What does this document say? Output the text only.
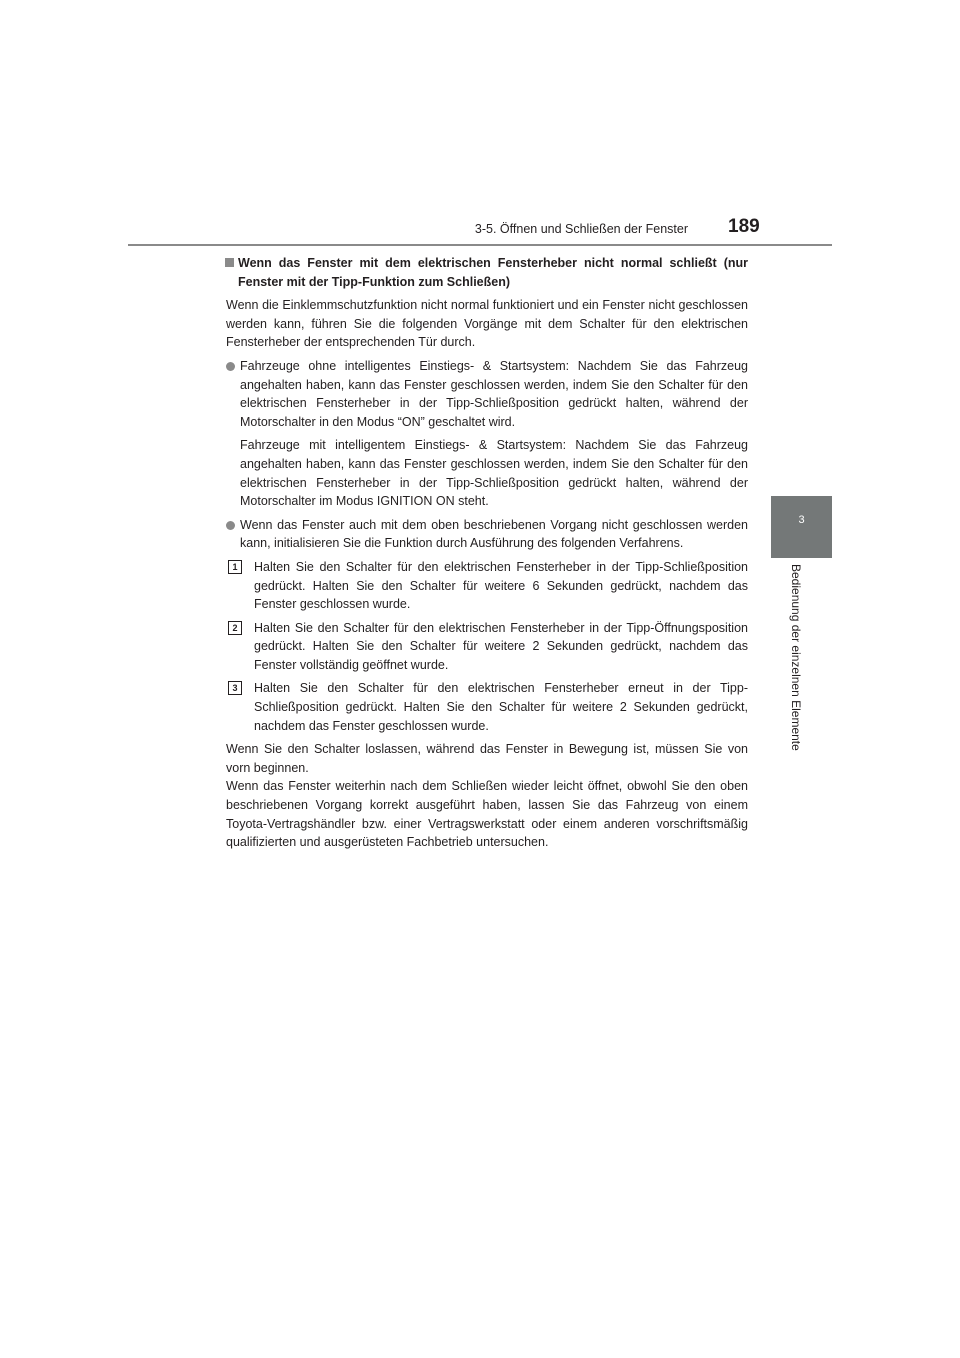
3-5. Öffnen und Schließen der Fenster 189
3
Bedienung der einzelnen Elemente

Wenn das Fenster mit dem elektrischen Fensterheber nicht normal schließt (nur Fenster mit der Tipp-Funktion zum Schließen)

Wenn die Einklemmschutzfunktion nicht normal funktioniert und ein Fenster nicht geschlossen werden kann, führen Sie die folgenden Vorgänge mit dem Schalter für den elektrischen Fensterheber der entsprechenden Tür durch.

Fahrzeuge ohne intelligentes Einstiegs- & Startsystem: Nachdem Sie das Fahrzeug angehalten haben, kann das Fenster geschlossen werden, indem Sie den Schalter für den elektrischen Fensterheber in der Tipp-Schließposition gedrückt halten, während der Motorschalter in den Modus “ON” geschaltet wird.

Fahrzeuge mit intelligentem Einstiegs- & Startsystem: Nachdem Sie das Fahrzeug angehalten haben, kann das Fenster geschlossen werden, indem Sie den Schalter für den elektrischen Fensterheber in der Tipp-Schließposition gedrückt halten, während der Motorschalter im Modus IGNITION ON steht.

Wenn das Fenster auch mit dem oben beschriebenen Vorgang nicht geschlossen werden kann, initialisieren Sie die Funktion durch Ausführung des folgenden Verfahrens.

1	Halten Sie den Schalter für den elektrischen Fensterheber in der Tipp-Schließposition gedrückt. Halten Sie den Schalter für weitere 6 Sekunden gedrückt, nachdem das Fenster geschlossen wurde.

2	Halten Sie den Schalter für den elektrischen Fensterheber in der Tipp-Öffnungsposition gedrückt. Halten Sie den Schalter für weitere 2 Sekunden gedrückt, nachdem das Fenster vollständig geöffnet wurde.

3	Halten Sie den Schalter für den elektrischen Fensterheber erneut in der Tipp-Schließposition gedrückt. Halten Sie den Schalter für weitere 2 Sekunden gedrückt, nachdem das Fenster geschlossen wurde.

Wenn Sie den Schalter loslassen, während das Fenster in Bewegung ist, müssen Sie von vorn beginnen.

Wenn das Fenster weiterhin nach dem Schließen wieder leicht öffnet, obwohl Sie den oben beschriebenen Vorgang korrekt ausgeführt haben, lassen Sie das Fahrzeug von einem Toyota-Vertragshändler bzw. einer Vertragswerkstatt oder einem anderen vorschriftsmäßig qualifizierten und ausgerüsteten Fachbetrieb untersuchen.
